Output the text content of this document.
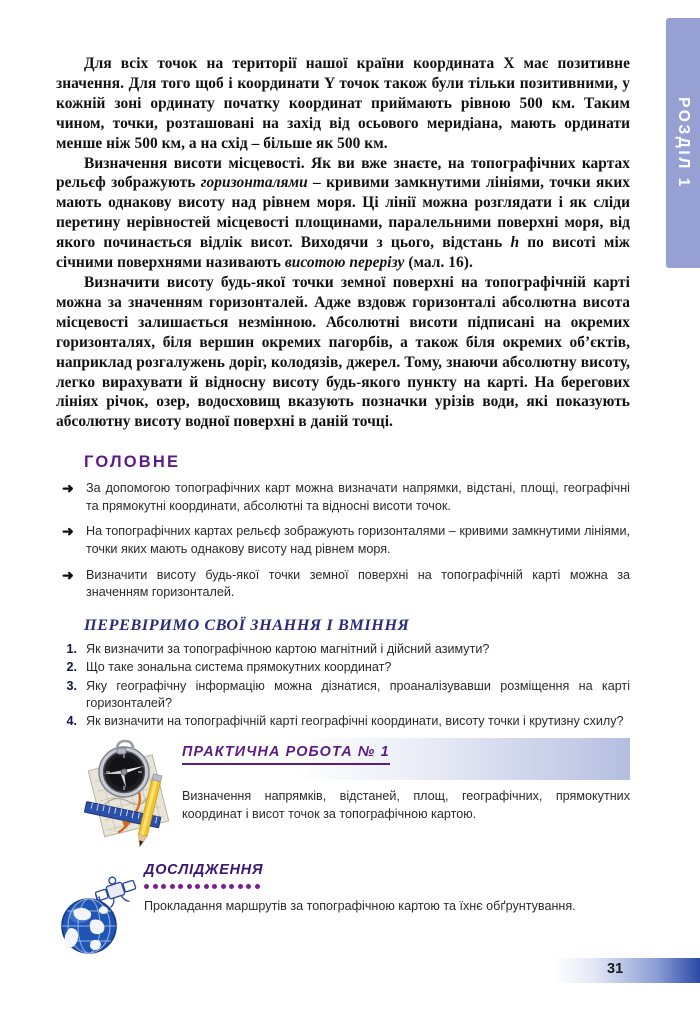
РОЗДІЛ 1

Для всіх точок на території нашої країни координата X має позитивне значення. Для того щоб і координати Y точок також були тільки позитивними, у кожній зоні ординату початку координат приймають рівною 500 км. Таким чином, точки, розташовані на захід від осьового меридіана, мають ординати менше ніж 500 км, а на схід – більше як 500 км.

Визначення висоти місцевості. Як ви вже знаєте, на топографічних картах рельєф зображують горизонталями – кривими замкнутими лініями, точки яких мають однакову висоту над рівнем моря. Ці лінії можна розглядати і як сліди перетину нерівностей місцевості площинами, паралельними поверхні моря, від якого починається відлік висот. Виходячи з цього, відстань h по висоті між січними поверхнями називають висотою перерізу (мал. 16).

Визначити висоту будь-якої точки земної поверхні на топографічній карті можна за значенням горизонталей. Адже вздовж горизонталі абсолютна висота місцевості залишається незмінною. Абсолютні висоти підписані на окремих горизонталях, біля вершин окремих пагорбів, а також біля окремих об’єктів, наприклад розгалужень доріг, колодязів, джерел. Тому, знаючи абсолютну висоту, легко вирахувати й відносну висоту будь-якого пункту на карті. На берегових лініях річок, озер, водосховищ вказують позначки урізів води, які показують абсолютну висоту водної поверхні в даній точці.

ГОЛОВНЕ
➜ За допомогою топографічних карт можна визначати напрямки, відстані, площі, географічні та прямокутні координати, абсолютні та відносні висоти точок.
➜ На топографічних картах рельєф зображують горизонталями – кривими замкнутими лініями, точки яких мають однакову висоту над рівнем моря.
➜ Визначити висоту будь-якої точки земної поверхні на топографічній карті можна за значенням горизонталей.
ПЕРЕВІРИМО СВОЇ ЗНАННЯ І ВМІННЯ
1. Як визначити за топографічною картою магнітний і дійсний азимути?
2. Що таке зональна система прямокутних координат?
3. Яку географічну інформацію можна дізнатися, проаналізувавши розміщення на карті горизонталей?
4. Як визначити на топографічній карті географічні координати, висоту точки і крутизну схилу?
ПРАКТИЧНА РОБОТА № 1
Визначення напрямків, відстаней, площ, географічних, прямокутних координат і висот точок за топографічною картою.
ДОСЛІДЖЕННЯ
Прокладання маршрутів за топографічною картою та їхнє обґрунтування.
31
